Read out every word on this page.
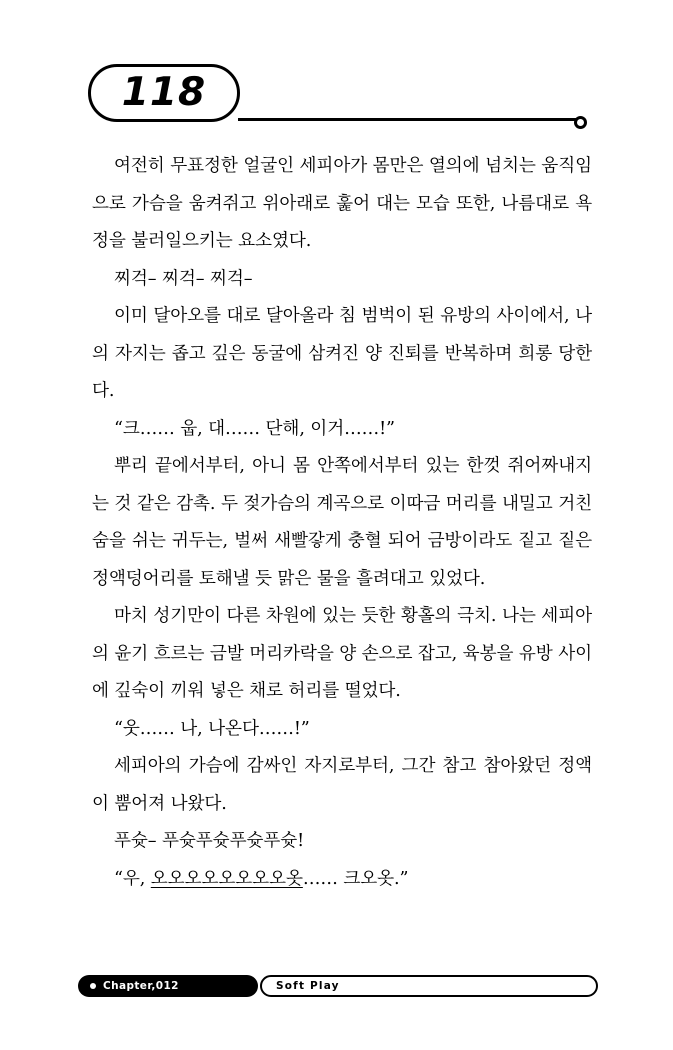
118

여전히 무표정한 얼굴인 세피아가 몸만은 열의에 넘치는 움직임으로 가슴을 움켜쥐고 위아래로 훑어 대는 모습 또한, 나름대로 욕정을 불러일으키는 요소였다.

찌걱– 찌걱– 찌걱–

이미 달아오를 대로 달아올라 침 범벅이 된 유방의 사이에서, 나의 자지는 좁고 깊은 동굴에 삼켜진 양 진퇴를 반복하며 희롱 당한다.

“크…… 웁, 대…… 단해, 이거……!”

뿌리 끝에서부터, 아니 몸 안쪽에서부터 있는 한껏 쥐어짜내지는 것 같은 감촉. 두 젖가슴의 계곡으로 이따금 머리를 내밀고 거친 숨을 쉬는 귀두는, 벌써 새빨갛게 충혈 되어 금방이라도 짙고 짙은 정액덩어리를 토해낼 듯 맑은 물을 흘려대고 있었다.

마치 성기만이 다른 차원에 있는 듯한 황홀의 극치. 나는 세피아의 윤기 흐르는 금발 머리카락을 양 손으로 잡고, 육봉을 유방 사이에 깊숙이 끼워 넣은 채로 허리를 떨었다.

“웃…… 나, 나온다……!”

세피아의 가슴에 감싸인 자지로부터, 그간 참고 참아왔던 정액이 뿜어져 나왔다.

푸슛– 푸슛푸슛푸슛푸슛!

“우, 오오오오오오오오옷…… 크오옷.”

Chapter,012	Soft Play
